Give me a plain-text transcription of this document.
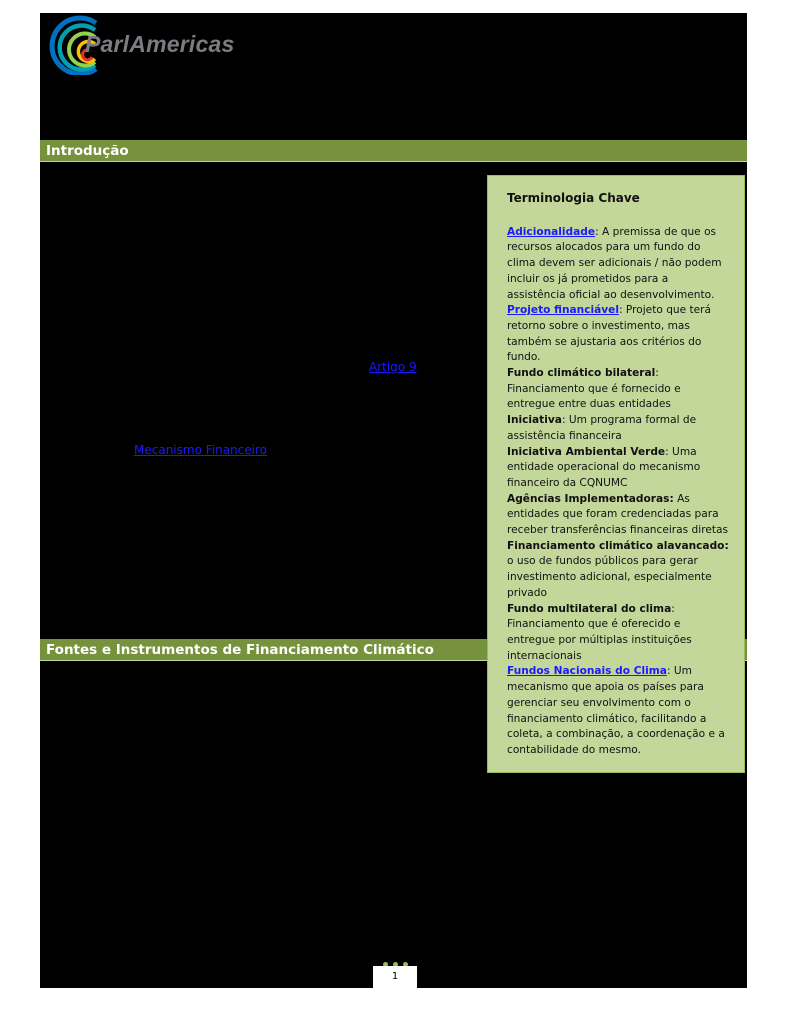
ParlAmericas
Introdução
Artigo 9
Mecanismo Financeiro
Fontes e Instrumentos de Financiamento Climático
Terminologia Chave

Adicionalidade: A premissa de que os recursos alocados para um fundo do clima devem ser adicionais / não podem incluir os já prometidos para a assistência oficial ao desenvolvimento.

Projeto financiável: Projeto que terá retorno sobre o investimento, mas também se ajustaria aos critérios do fundo.

Fundo climático bilateral: Financiamento que é fornecido e entregue entre duas entidades

Iniciativa: Um programa formal de assistência financeira

Iniciativa Ambiental Verde: Uma entidade operacional do mecanismo financeiro da CQNUMC

Agências Implementadoras: As entidades que foram credenciadas para receber transferências financeiras diretas

Financiamento climático alavancado: o uso de fundos públicos para gerar investimento adicional, especialmente privado

Fundo multilateral do clima: Financiamento que é oferecido e entregue por múltiplas instituições internacionais

Fundos Nacionais do Clima: Um mecanismo que apoia os países para gerenciar seu envolvimento com o financiamento climático, facilitando a coleta, a combinação, a coordenação e a contabilidade do mesmo.

1
